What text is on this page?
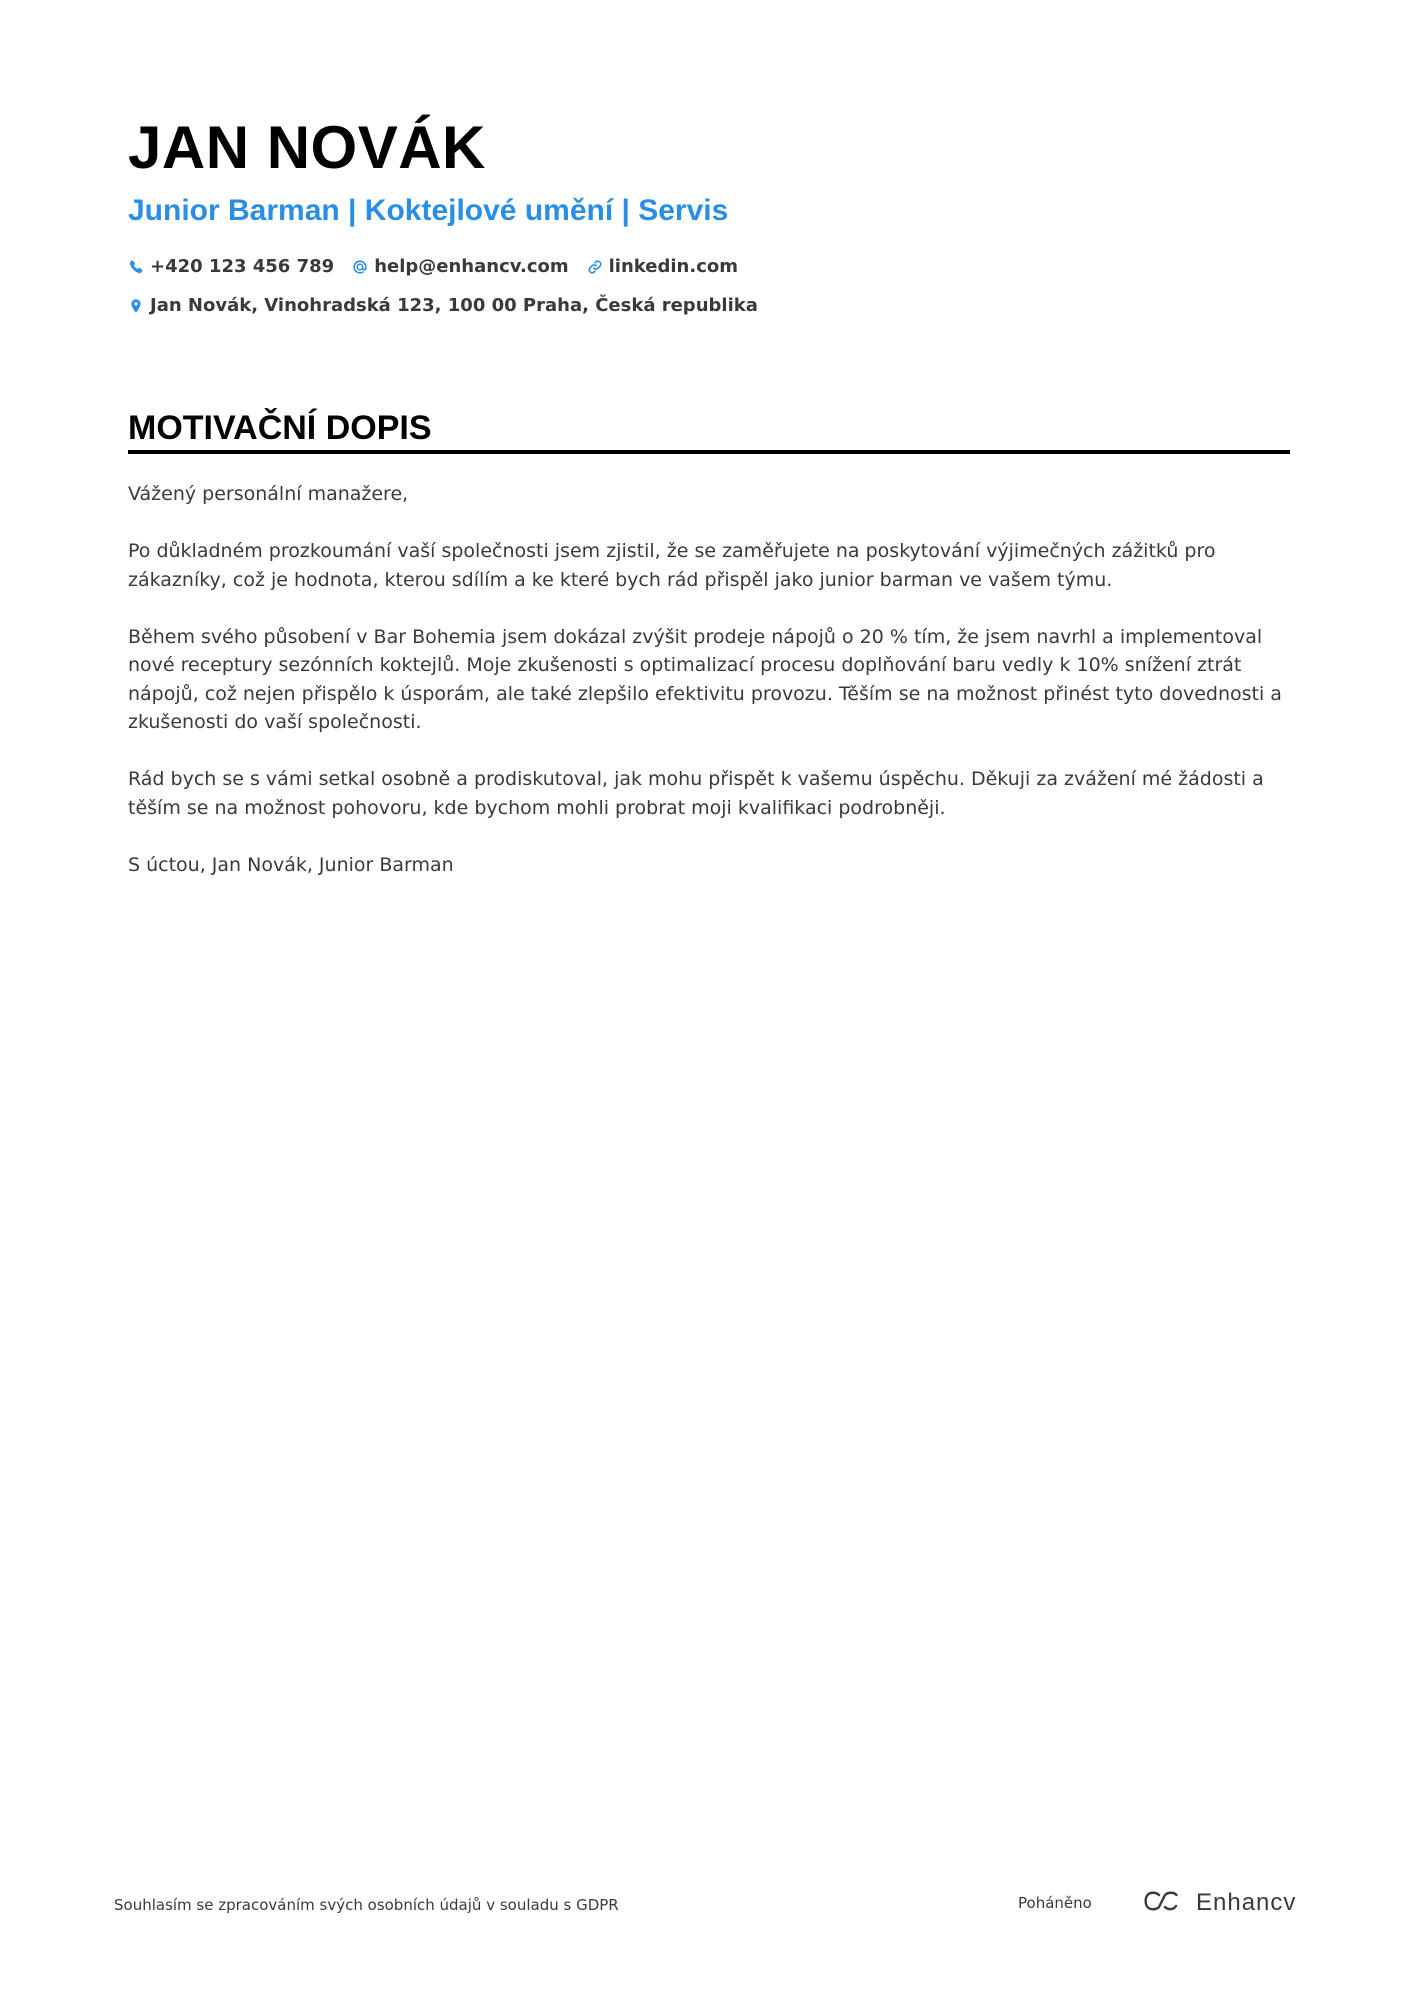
JAN NOVÁK
Junior Barman | Koktejlové umění | Servis
+420 123 456 789 help@enhancv.com linkedin.com
Jan Novák, Vinohradská 123, 100 00 Praha, Česká republika
MOTIVAČNÍ DOPIS

Vážený personální manažere,

Po důkladném prozkoumání vaší společnosti jsem zjistil, že se zaměřujete na poskytování výjimečných zážitků pro zákazníky, což je hodnota, kterou sdílím a ke které bych rád přispěl jako junior barman ve vašem týmu.

Během svého působení v Bar Bohemia jsem dokázal zvýšit prodeje nápojů o 20 % tím, že jsem navrhl a implementoval nové receptury sezónních koktejlů. Moje zkušenosti s optimalizací procesu doplňování baru vedly k 10% snížení ztrát nápojů, což nejen přispělo k úsporám, ale také zlepšilo efektivitu provozu. Těším se na možnost přinést tyto dovednosti a zkušenosti do vaší společnosti.

Rád bych se s vámi setkal osobně a prodiskutoval, jak mohu přispět k vašemu úspěchu. Děkuji za zvážení mé žádosti a těším se na možnost pohovoru, kde bychom mohli probrat moji kvalifikaci podrobněji.

S úctou, Jan Novák, Junior Barman

Souhlasím se zpracováním svých osobních údajů v souladu s GDPR	Poháněno	Enhancv
